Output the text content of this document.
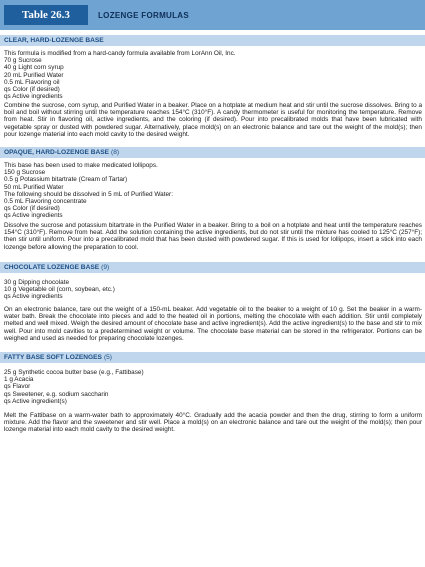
Table 26.3	LOZENGE FORMULAS
CLEAR, HARD-LOZENGE BASE
This formula is modified from a hard-candy formula available from LorAnn Oil, Inc.
70 g Sucrose
40 g Light corn syrup
20 mL Purified Water
0.5 mL Flavoring oil
qs Color (if desired)
qs Active ingredients
Combine the sucrose, corn syrup, and Purified Water in a beaker. Place on a hotplate at medium heat and stir until the sucrose dissolves. Bring to a boil and boil without stirring until the temperature reaches 154°C (310°F). A candy thermometer is useful for monitoring the temperature. Remove from heat. Stir in flavoring oil, active ingredients, and the coloring (if desired). Pour into precalibrated molds that have been lubricated with vegetable spray or dusted with powdered sugar. Alternatively, place mold(s) on an electronic balance and tare out the weight of the mold(s); then pour lozenge material into each mold cavity to the desired weight.
OPAQUE, HARD-LOZENGE BASE (8)
This base has been used to make medicated lollipops.
150 g Sucrose
0.5 g Potassium bitartrate (Cream of Tartar)
50 mL Purified Water
The following should be dissolved in 5 mL of Purified Water:
0.5 mL Flavoring concentrate
qs Color (if desired)
qs Active ingredients
Dissolve the sucrose and potassium bitartrate in the Purified Water in a beaker. Bring to a boil on a hotplate and heat until the temperature reaches 154°C (310°F). Remove from heat. Add the solution containing the active ingredients, but do not stir until the mixture has cooled to 125°C (257°F); then stir until uniform. Pour into a precalibrated mold that has been dusted with powdered sugar. If this is used for lollipops, insert a stick into each lozenge before allowing the preparation to cool.
CHOCOLATE LOZENGE BASE (9)
30 g Dipping chocolate
10 g Vegetable oil (corn, soybean, etc.)
qs Active ingredients
On an electronic balance, tare out the weight of a 150-mL beaker. Add vegetable oil to the beaker to a weight of 10 g. Set the beaker in a warm-water bath. Break the chocolate into pieces and add to the heated oil in portions, melting the chocolate with each addition. Stir until completely melted and well mixed. Weigh the desired amount of chocolate base and active ingredient(s). Add the active ingredient(s) to the base and stir to mix well. Pour into mold cavities to a predetermined weight or volume. The chocolate base material can be stored in the refrigerator. Portions can be weighed and used as needed for preparing chocolate lozenges.
FATTY BASE SOFT LOZENGES (5)
25 g Synthetic cocoa butter base (e.g., Fattibase)
1 g Acacia
qs Flavor
qs Sweetener, e.g. sodium saccharin
qs Active ingredient(s)
Melt the Fattibase on a warm-water bath to approximately 40°C. Gradually add the acacia powder and then the drug, stirring to form a uniform mixture. Add the flavor and the sweetener and stir well. Place a mold(s) on an electronic balance and tare out the weight of the mold(s); then pour lozenge material into each mold cavity to the desired weight.
